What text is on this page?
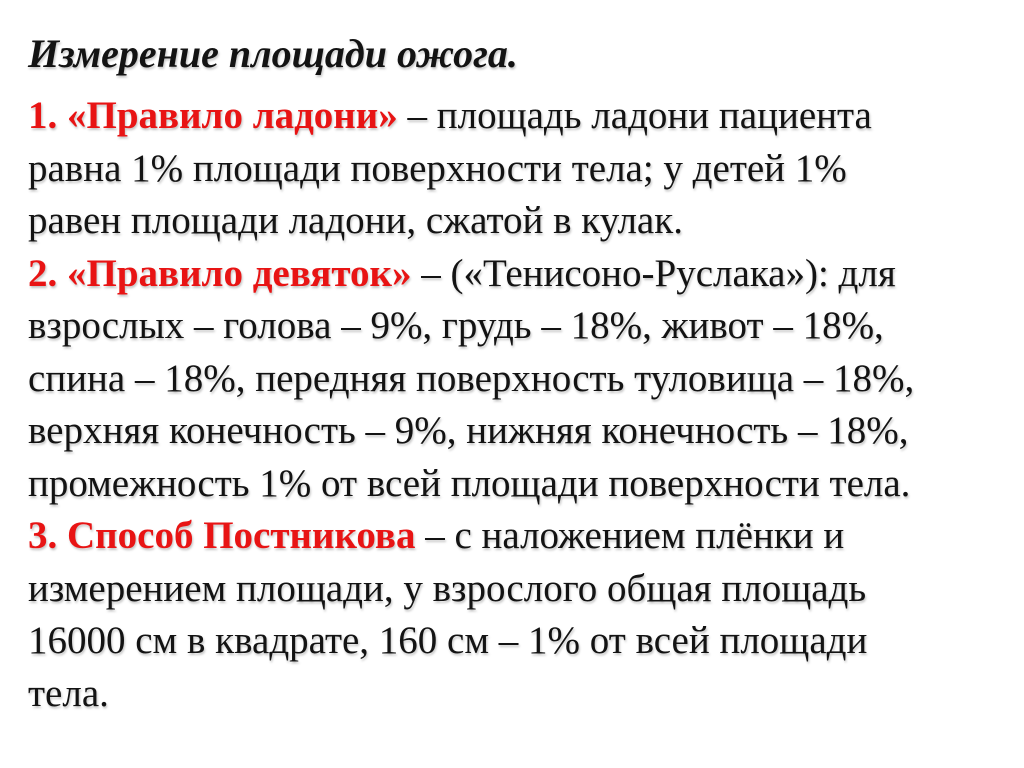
Измерение площади ожога.
1. «Правило ладони» – площадь ладони пациента
равна 1% площади поверхности тела; у детей 1%
равен площади ладони, сжатой в кулак.
2. «Правило девяток» – («Тенисоно-Руслака»): для
взрослых – голова – 9%, грудь – 18%, живот – 18%,
спина – 18%, передняя поверхность туловища – 18%,
верхняя конечность – 9%, нижняя конечность – 18%,
промежность 1% от всей площади поверхности тела.
3. Способ Постникова – с наложением плёнки и
измерением площади, у взрослого общая площадь
16000 см в квадрате, 160 см – 1% от всей площади
тела.
